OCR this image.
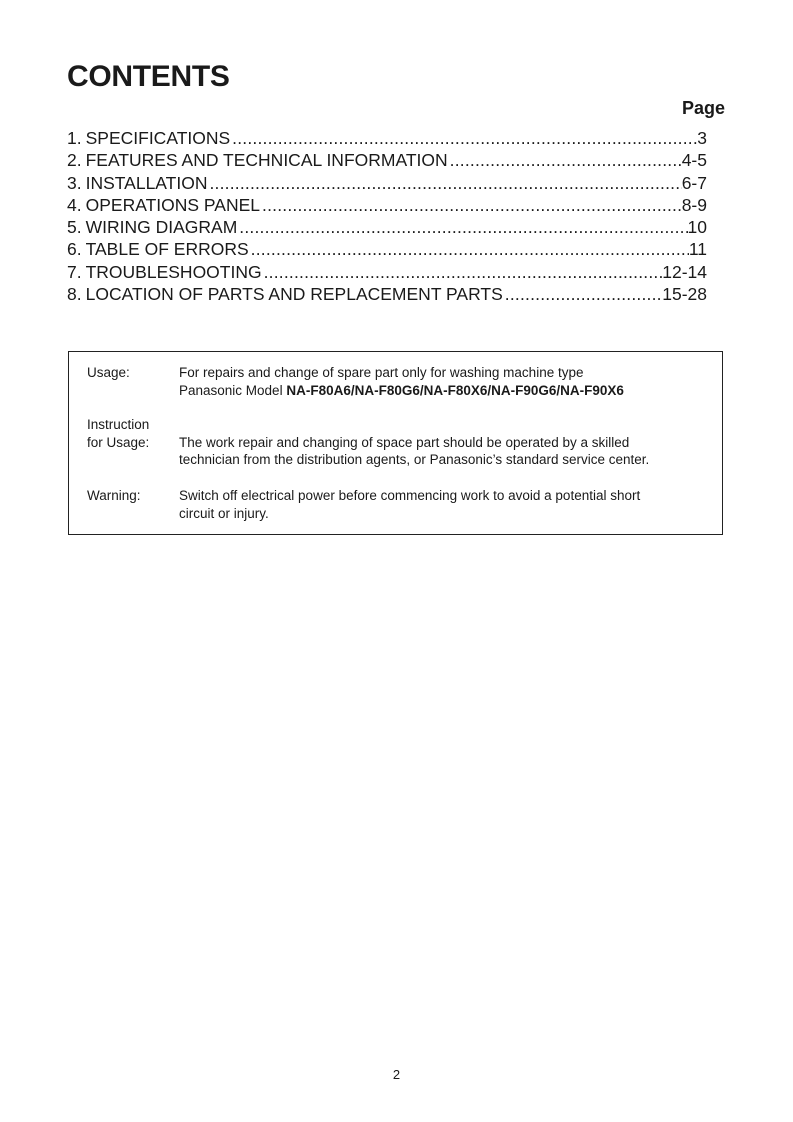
CONTENTS
Page
1. SPECIFICATIONS .....	3
2. FEATURES AND TECHNICAL INFORMATION .....	4-5
3. INSTALLATION .....	6-7
4. OPERATIONS PANEL .....	8-9
5. WIRING DIAGRAM .....	10
6. TABLE OF ERRORS .....	11
7. TROUBLESHOOTING .....	12-14
8. LOCATION OF PARTS AND REPLACEMENT PARTS .....	15-28
Usage:	For repairs and change of spare part only for washing machine type
Panasonic Model NA-F80A6/NA-F80G6/NA-F80X6/NA-F90G6/NA-F90X6
Instruction
for Usage:	The work repair and changing of space part should be operated by a skilled
technician from the distribution agents, or Panasonic’s standard service center.
Warning:	Switch off electrical power before commencing work to avoid a potential short
circuit or injury.
2
